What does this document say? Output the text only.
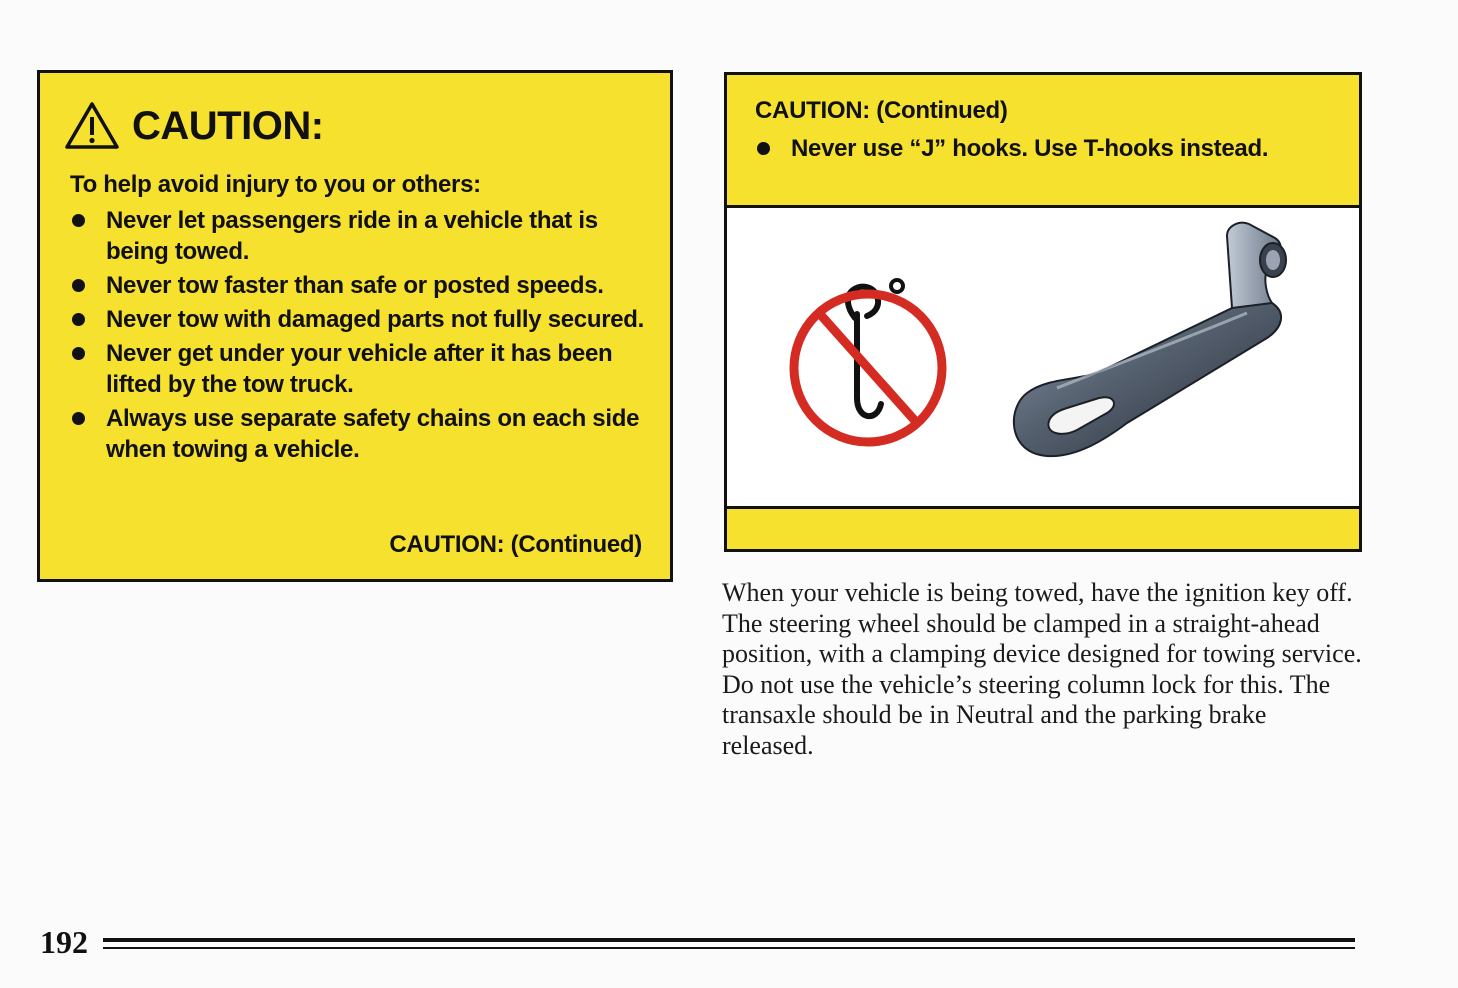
CAUTION:
To help avoid injury to you or others:
Never let passengers ride in a vehicle that is being towed.
Never tow faster than safe or posted speeds.
Never tow with damaged parts not fully secured.
Never get under your vehicle after it has been lifted by the tow truck.
Always use separate safety chains on each side when towing a vehicle.
CAUTION: (Continued)
CAUTION: (Continued)
Never use “J” hooks. Use T-hooks instead.
When your vehicle is being towed, have the ignition key off. The steering wheel should be clamped in a straight-ahead position, with a clamping device designed for towing service. Do not use the vehicle’s steering column lock for this. The transaxle should be in Neutral and the parking brake released.
192
